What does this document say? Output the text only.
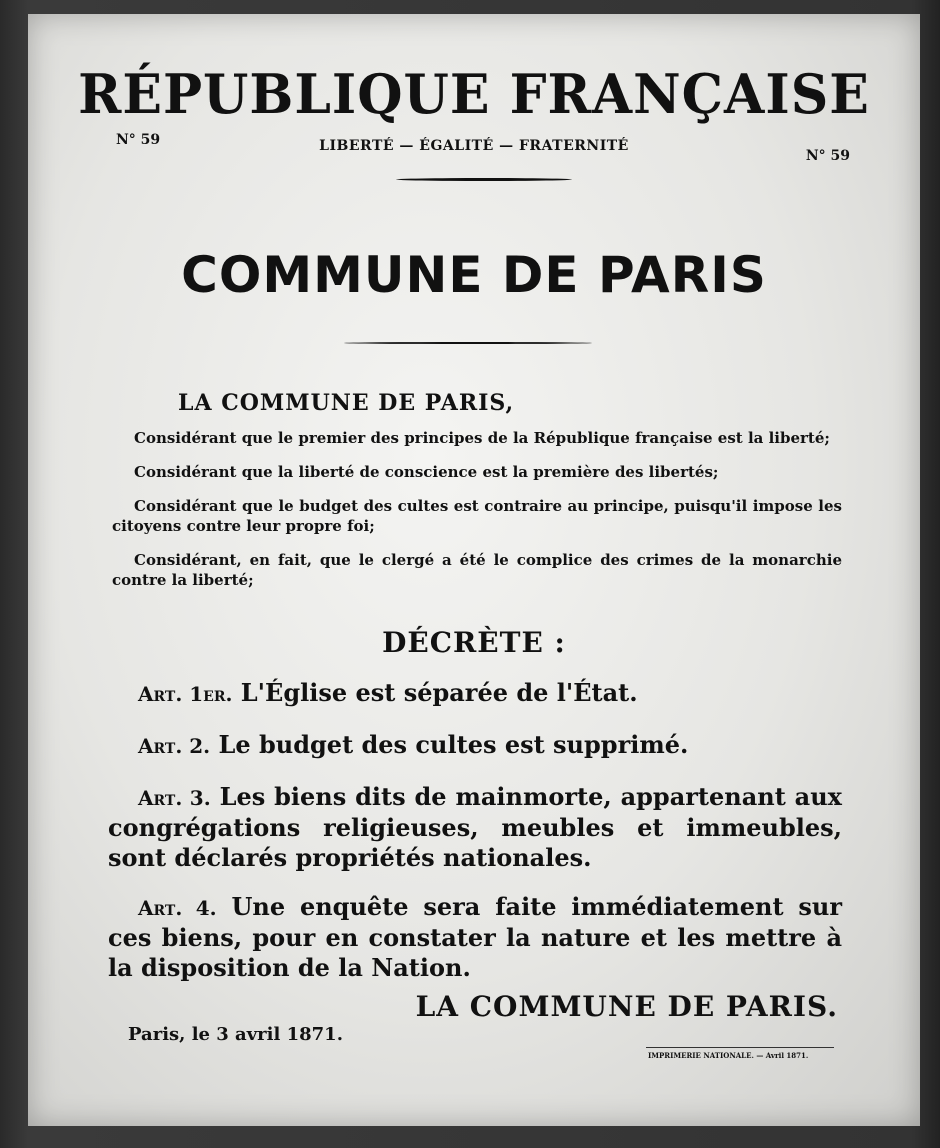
RÉPUBLIQUE FRANÇAISE
N° 59	LIBERTÉ — ÉGALITÉ — FRATERNITÉ
N° 59
COMMUNE DE PARIS
LA COMMUNE DE PARIS,
Considérant que le premier des principes de la République française est la liberté;
Considérant que la liberté de conscience est la première des libertés;
Considérant que le budget des cultes est contraire au principe, puisqu'il impose les citoyens contre leur propre foi;
Considérant, en fait, que le clergé a été le complice des crimes de la monarchie contre la liberté;
DÉCRÈTE :
Art. 1er. L'Église est séparée de l'État.
Art. 2. Le budget des cultes est supprimé.
Art. 3. Les biens dits de mainmorte, appartenant aux congrégations religieuses, meubles et immeubles, sont déclarés propriétés nationales.
Art. 4. Une enquête sera faite immédiatement sur ces biens, pour en constater la nature et les mettre à la disposition de la Nation.
LA COMMUNE DE PARIS.
Paris, le 3 avril 1871.
IMPRIMERIE NATIONALE. — Avril 1871.
